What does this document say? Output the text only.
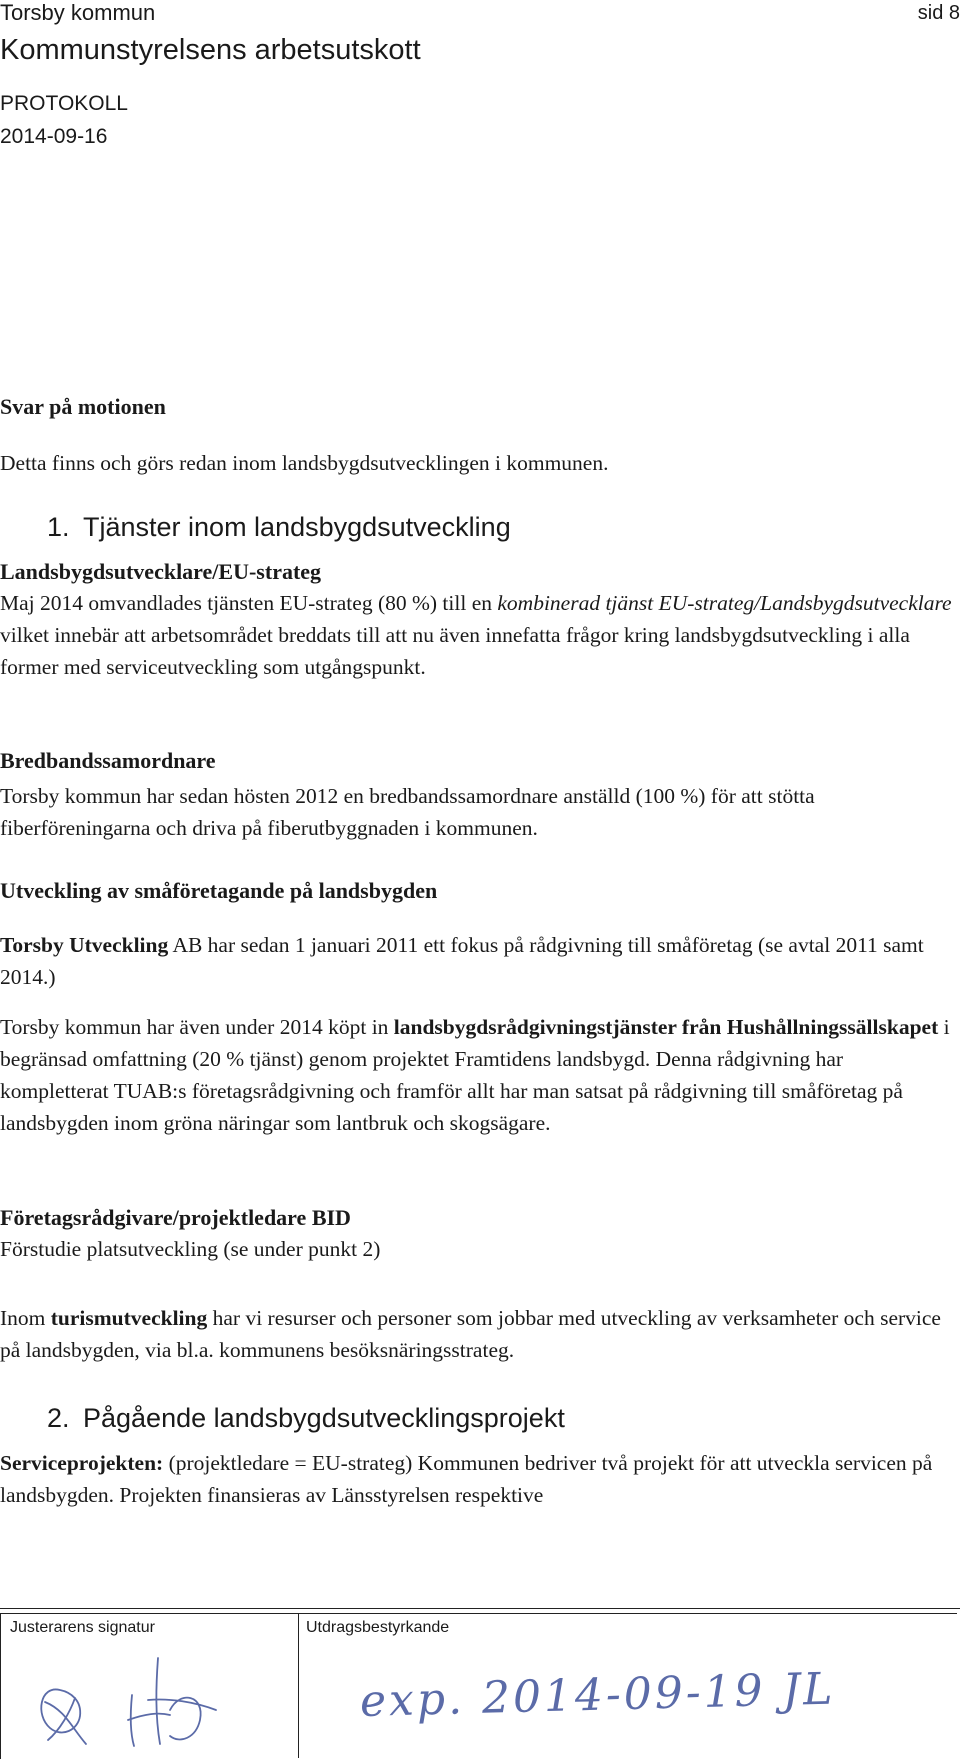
Torsby kommun	sid 8
Kommunstyrelsens arbetsutskott
PROTOKOLL
2014-09-16
Svar på motionen
Detta finns och görs redan inom landsbygdsutvecklingen i kommunen.
1. Tjänster inom landsbygdsutveckling
Landsbygdsutvecklare/EU-strateg

Maj 2014 omvandlades tjänsten EU-strateg (80 %) till en kombinerad tjänst EU-strateg/Landsbygdsutvecklare vilket innebär att arbetsområdet breddats till att nu även innefatta frågor kring landsbygdsutveckling i alla former med serviceutveckling som utgångspunkt.

Bredbandssamordnare

Torsby kommun har sedan hösten 2012 en bredbandssamordnare anställd (100 %) för att stötta fiberföreningarna och driva på fiberutbyggnaden i kommunen.

Utveckling av småföretagande på landsbygden

Torsby Utveckling AB har sedan 1 januari 2011 ett fokus på rådgivning till småföretag (se avtal 2011 samt 2014.)

Torsby kommun har även under 2014 köpt in landsbygdsrådgivningstjänster från Hushållningssällskapet i begränsad omfattning (20 % tjänst) genom projektet Framtidens landsbygd. Denna rådgivning har kompletterat TUAB:s företagsrådgivning och framför allt har man satsat på rådgivning till småföretag på landsbygden inom gröna näringar som lantbruk och skogsägare.

Företagsrådgivare/projektledare BID

Förstudie platsutveckling (se under punkt 2)

Inom turismutveckling har vi resurser och personer som jobbar med utveckling av verksamheter och service på landsbygden, via bl.a. kommunens besöksnäringsstrateg.

2. Pågående landsbygdsutvecklingsprojekt

Serviceprojekten: (projektledare = EU-strateg) Kommunen bedriver två projekt för att utveckla servicen på landsbygden. Projekten finansieras av Länsstyrelsen respektive

Justerarens signatur	Utdragsbestyrkande
exp. 2014-09-19 JL
